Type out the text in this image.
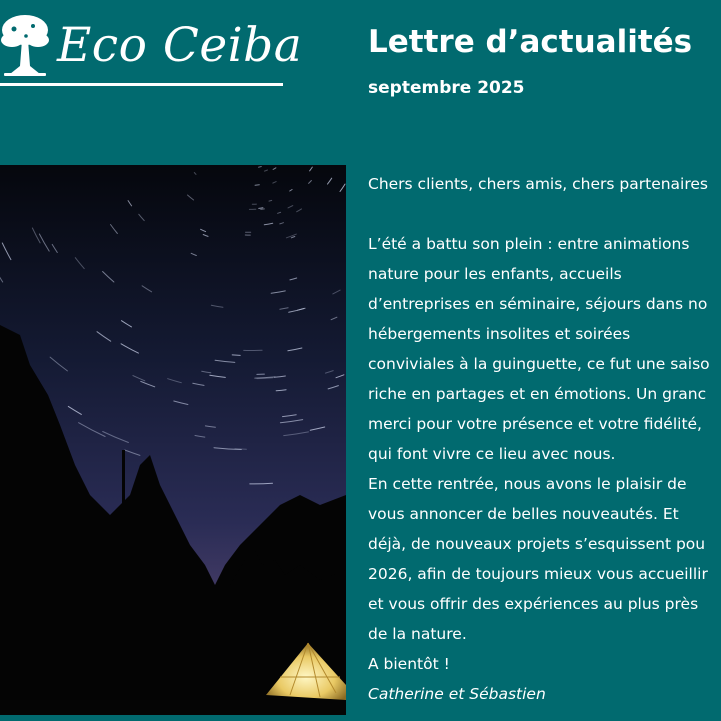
Eco Ceiba Lettre d’actualités
septembre 2025

Chers clients, chers amis, chers partenaires

L’été a battu son plein : entre animations

nature pour les enfants, accueils

d’entreprises en séminaire, séjours dans no

hébergements insolites et soirées

conviviales à la guinguette, ce fut une saiso

riche en partages et en émotions. Un granc

merci pour votre présence et votre fidélité,

qui font vivre ce lieu avec nous.

En cette rentrée, nous avons le plaisir de

vous annoncer de belles nouveautés. Et

déjà, de nouveaux projets s’esquissent pou

2026, afin de toujours mieux vous accueillir

et vous offrir des expériences au plus près

de la nature.

A bientôt !

Catherine et Sébastien
